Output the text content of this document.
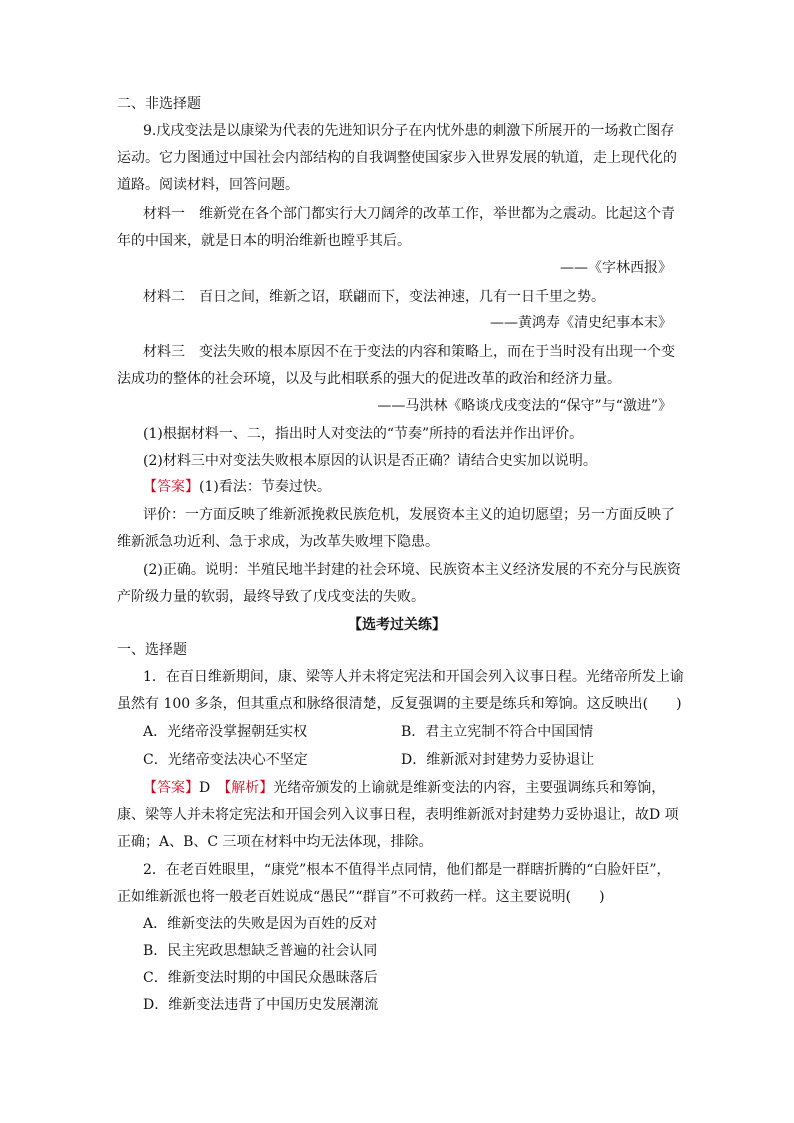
二、非选择题
9.戊戌变法是以康梁为代表的先进知识分子在内忧外患的刺激下所展开的一场救亡图存
运动。它力图通过中国社会内部结构的自我调整使国家步入世界发展的轨道，走上现代化的
道路。阅读材料，回答问题。
材料一　维新党在各个部门都实行大刀阔斧的改革工作，举世都为之震动。比起这个青
年的中国来，就是日本的明治维新也瞠乎其后。
——《字林西报》
材料二　百日之间，维新之诏，联翩而下，变法神速，几有一日千里之势。
——黄鸿寿《清史纪事本末》
材料三　变法失败的根本原因不在于变法的内容和策略上，而在于当时没有出现一个变
法成功的整体的社会环境，以及与此相联系的强大的促进改革的政治和经济力量。
——马洪林《略谈戊戌变法的“保守”与“激进”》
(1)根据材料一、二，指出时人对变法的“节奏”所持的看法并作出评价。
(2)材料三中对变法失败根本原因的认识是否正确？请结合史实加以说明。
【答案】(1)看法：节奏过快。
评价：一方面反映了维新派挽救民族危机，发展资本主义的迫切愿望；另一方面反映了
维新派急功近利、急于求成，为改革失败埋下隐患。
(2)正确。说明：半殖民地半封建的社会环境、民族资本主义经济发展的不充分与民族资
产阶级力量的软弱，最终导致了戊戌变法的失败。
【选考过关练】
一、选择题
1．在百日维新期间，康、梁等人并未将定宪法和开国会列入议事日程。光绪帝所发上谕
虽然有 100 多条，但其重点和脉络很清楚，反复强调的主要是练兵和筹饷。这反映出(　　)
A．光绪帝没掌握朝廷实权	B．君主立宪制不符合中国国情
C．光绪帝变法决心不坚定	D．维新派对封建势力妥协退让
【答案】D　 【解析】光绪帝颁发的上谕就是维新变法的内容，主要强调练兵和筹饷，
康、梁等人并未将定宪法和开国会列入议事日程，表明维新派对封建势力妥协退让，故D 项
正确；A、B、C 三项在材料中均无法体现，排除。
2．在老百姓眼里，“康党”根本不值得半点同情，他们都是一群瞎折腾的“白脸奸臣”，
正如维新派也将一般老百姓说成“愚民”“群盲”不可救药一样。这主要说明(　　)
A．维新变法的失败是因为百姓的反对
B．民主宪政思想缺乏普遍的社会认同
C．维新变法时期的中国民众愚昧落后
D．维新变法违背了中国历史发展潮流
